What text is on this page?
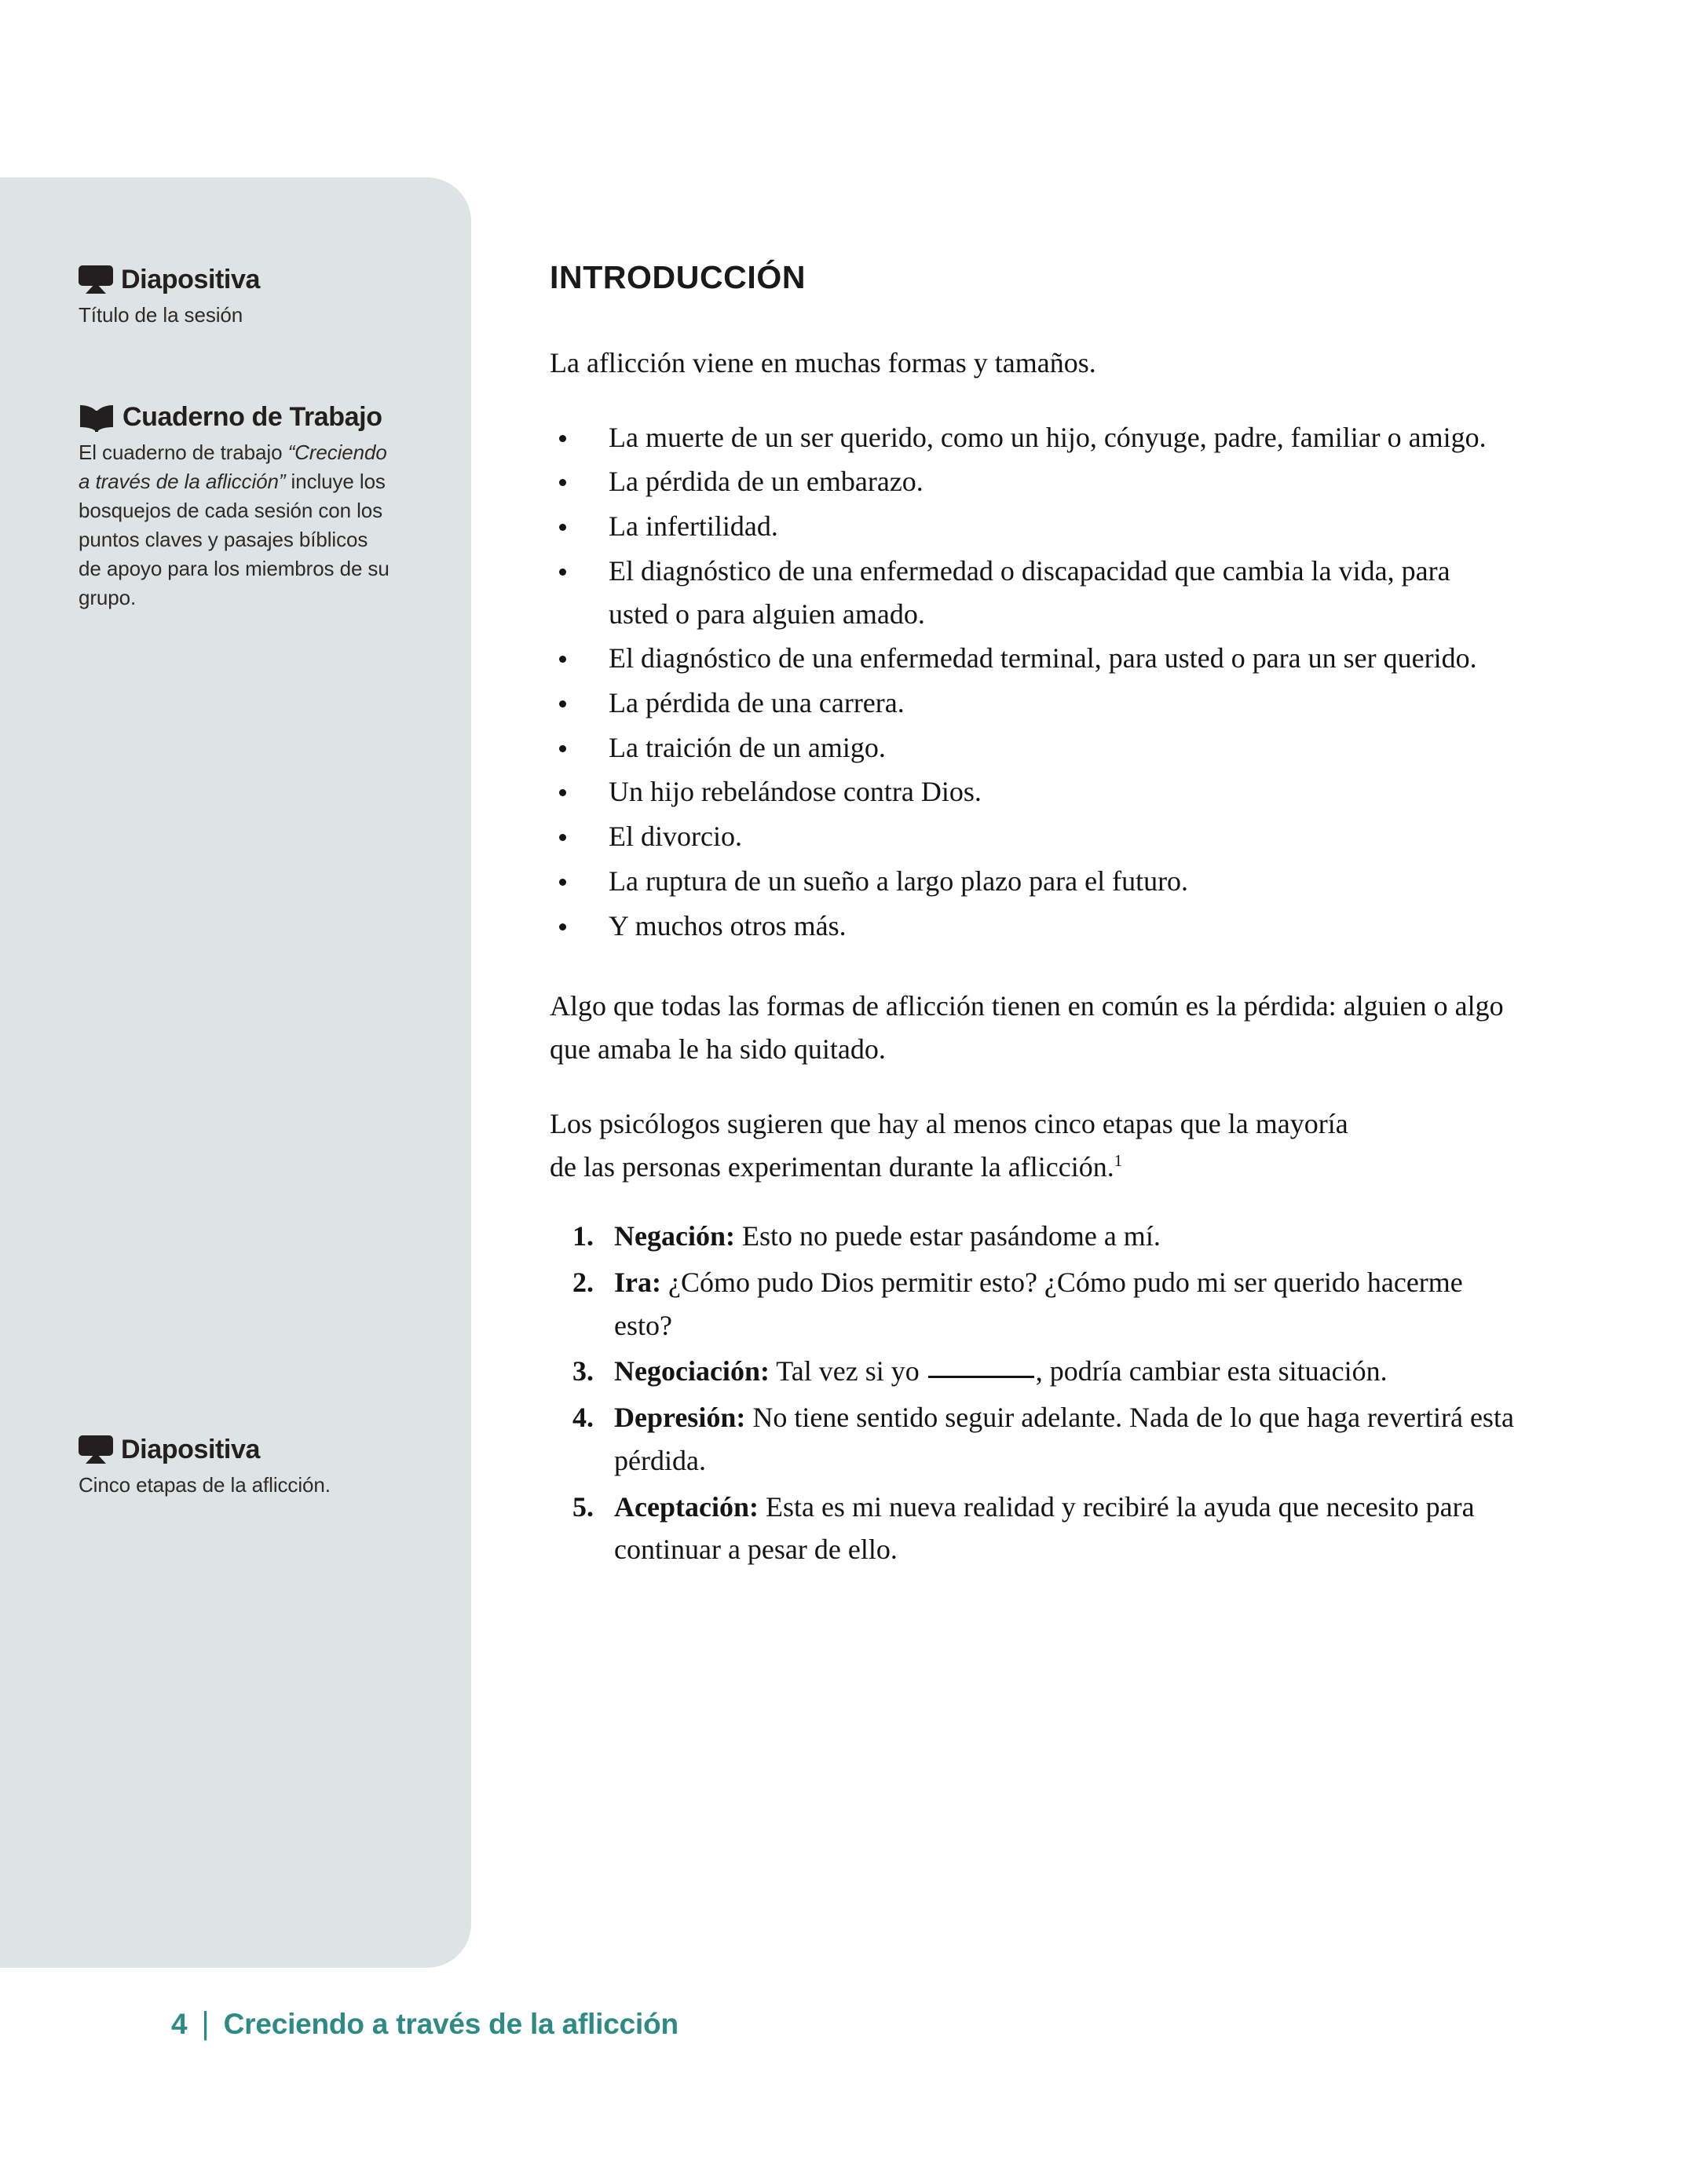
Diapositiva
Título de la sesión
Cuaderno de Trabajo
El cuaderno de trabajo “Creciendo a través de la aflicción” incluye los bosquejos de cada sesión con los puntos claves y pasajes bíblicos de apoyo para los miembros de su grupo.
Diapositiva
Cinco etapas de la aflicción.
INTRODUCCIÓN

La aflicción viene en muchas formas y tamaños.

La muerte de un ser querido, como un hijo, cónyuge, padre, familiar o amigo.
La pérdida de un embarazo.
La infertilidad.
El diagnóstico de una enfermedad o discapacidad que cambia la vida, para usted o para alguien amado.
El diagnóstico de una enfermedad terminal, para usted o para un ser querido.
La pérdida de una carrera.
La traición de un amigo.
Un hijo rebelándose contra Dios.
El divorcio.
La ruptura de un sueño a largo plazo para el futuro.
Y muchos otros más.

Algo que todas las formas de aflicción tienen en común es la pérdida: alguien o algo que amaba le ha sido quitado.

Los psicólogos sugieren que hay al menos cinco etapas que la mayoría de las personas experimentan durante la aflicción.$^1$

Negación: Esto no puede estar pasándome a mí.
Ira: ¿Cómo pudo Dios permitir esto? ¿Cómo pudo mi ser querido hacerme esto?
Negociación: Tal vez si yo	, podría cambiar esta situación.
Depresión: No tiene sentido seguir adelante. Nada de lo que haga revertirá esta pérdida.
Aceptación: Esta es mi nueva realidad y recibiré la ayuda que necesito para continuar a pesar de ello.
4 | Creciendo a través de la aflicción
